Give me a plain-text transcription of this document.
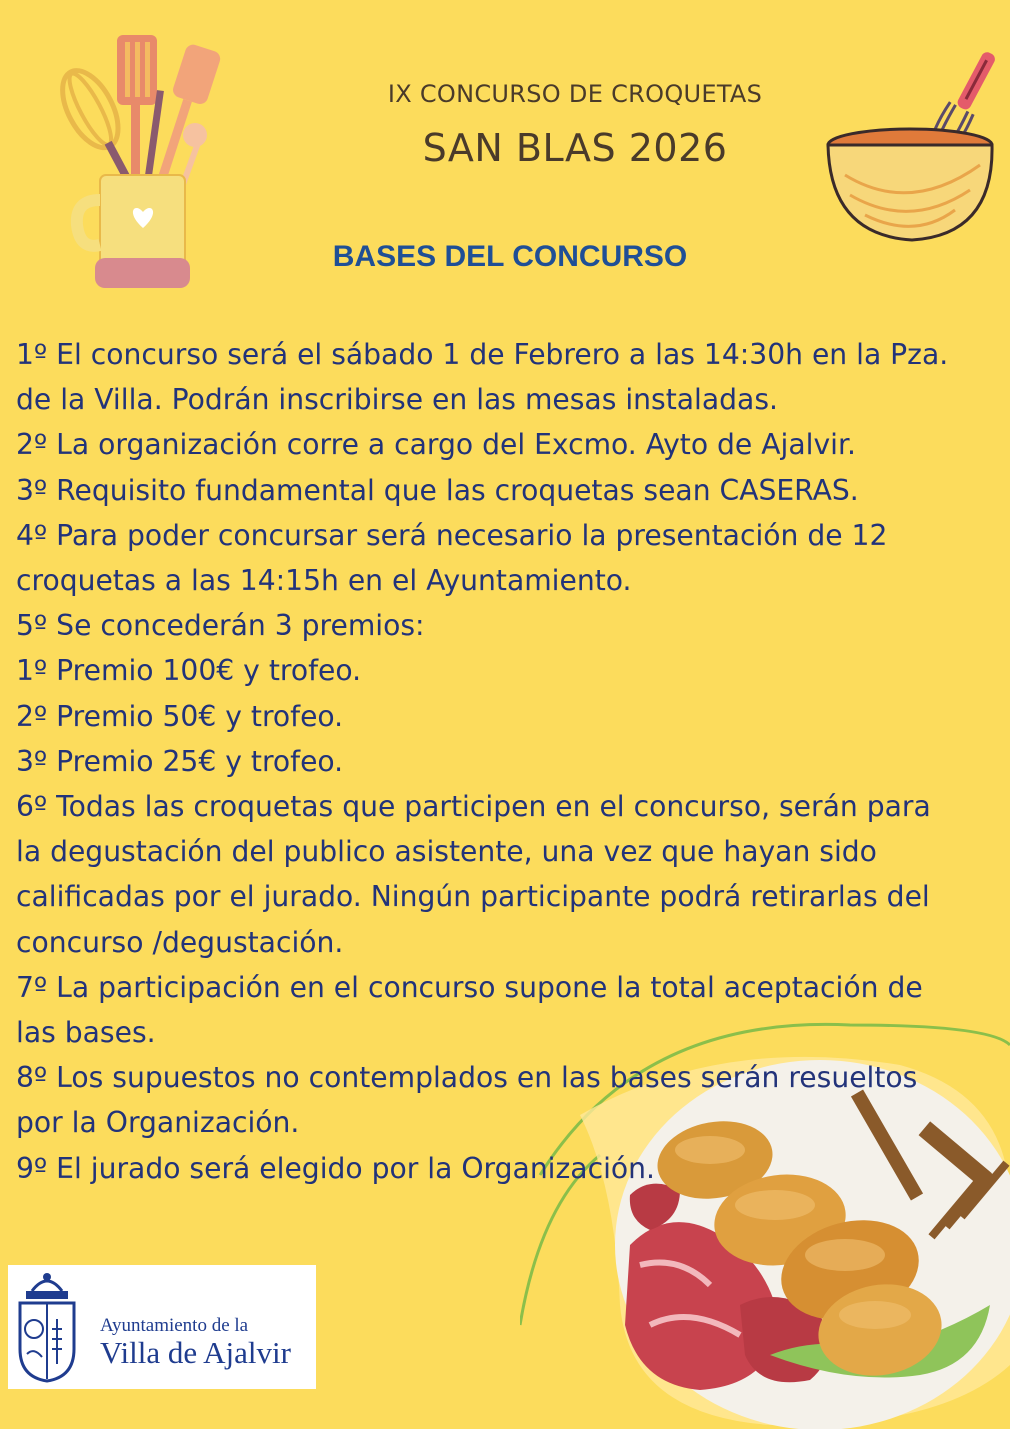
IX CONCURSO DE CROQUETAS
SAN BLAS 2026
BASES DEL CONCURSO
1º El concurso será el sábado 1 de Febrero a las 14:30h en la Pza.
de la Villa. Podrán inscribirse en las mesas instaladas.
2º La organización corre a cargo del Excmo. Ayto de Ajalvir.
3º Requisito fundamental que las croquetas sean CASERAS.
4º Para poder concursar será necesario la presentación de 12
croquetas a las 14:15h en el Ayuntamiento.
5º Se concederán 3 premios:
1º Premio 100€ y trofeo.
2º Premio 50€ y trofeo.
3º Premio 25€ y trofeo.
6º Todas las croquetas que participen en el concurso, serán para
la degustación del publico asistente, una vez que hayan sido
calificadas por el jurado. Ningún participante podrá retirarlas del
concurso /degustación.
7º La participación en el concurso supone la total aceptación de
las bases.
8º Los supuestos no contemplados en las bases serán resueltos
por la Organización.
9º El jurado será elegido por la Organización.
Ayuntamiento de la
Villa de Ajalvir
